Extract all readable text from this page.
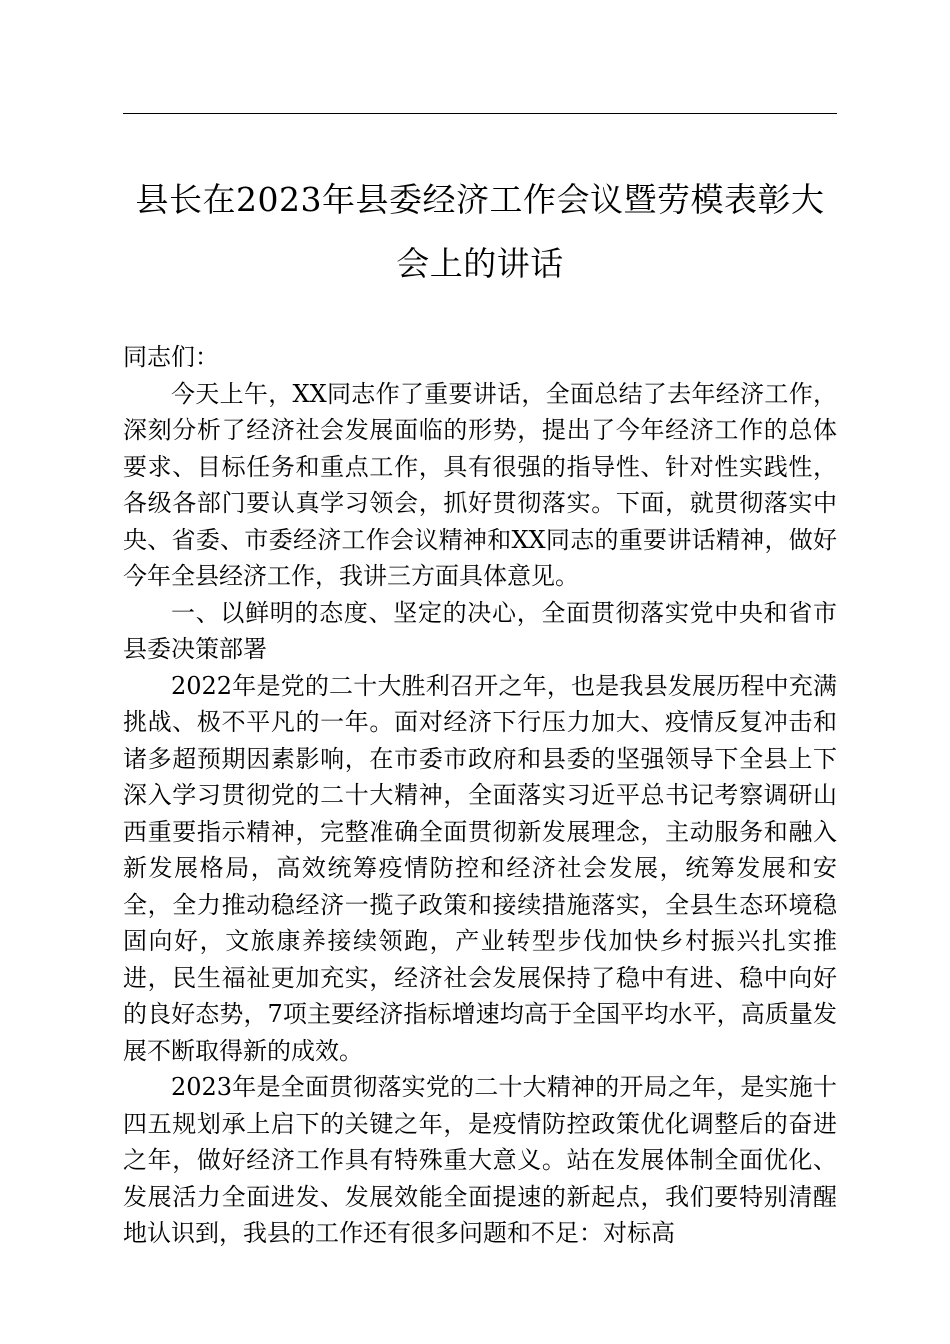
县长在2023年县委经济工作会议暨劳模表彰大会上的讲话

同志们：

今天上午，XX同志作了重要讲话，全面总结了去年经济工作，深刻分析了经济社会发展面临的形势，提出了今年经济工作的总体要求、目标任务和重点工作，具有很强的指导性、针对性实践性，各级各部门要认真学习领会，抓好贯彻落实。下面，就贯彻落实中央、省委、市委经济工作会议精神和XX同志的重要讲话精神，做好今年全县经济工作，我讲三方面具体意见。

一、以鲜明的态度、坚定的决心，全面贯彻落实党中央和省市县委决策部署

2022年是党的二十大胜利召开之年，也是我县发展历程中充满挑战、极不平凡的一年。面对经济下行压力加大、疫情反复冲击和诸多超预期因素影响，在市委市政府和县委的坚强领导下全县上下深入学习贯彻党的二十大精神，全面落实习近平总书记考察调研山西重要指示精神，完整准确全面贯彻新发展理念，主动服务和融入新发展格局，高效统筹疫情防控和经济社会发展，统筹发展和安全，全力推动稳经济一揽子政策和接续措施落实，全县生态环境稳固向好，文旅康养接续领跑，产业转型步伐加快乡村振兴扎实推进，民生福祉更加充实，经济社会发展保持了稳中有进、稳中向好的良好态势，7项主要经济指标增速均高于全国平均水平，高质量发展不断取得新的成效。

2023年是全面贯彻落实党的二十大精神的开局之年，是实施十四五规划承上启下的关键之年，是疫情防控政策优化调整后的奋进之年，做好经济工作具有特殊重大意义。站在发展体制全面优化、发展活力全面进发、发展效能全面提速的新起点，我们要特别清醒地认识到，我县的工作还有很多问题和不足：对标高
